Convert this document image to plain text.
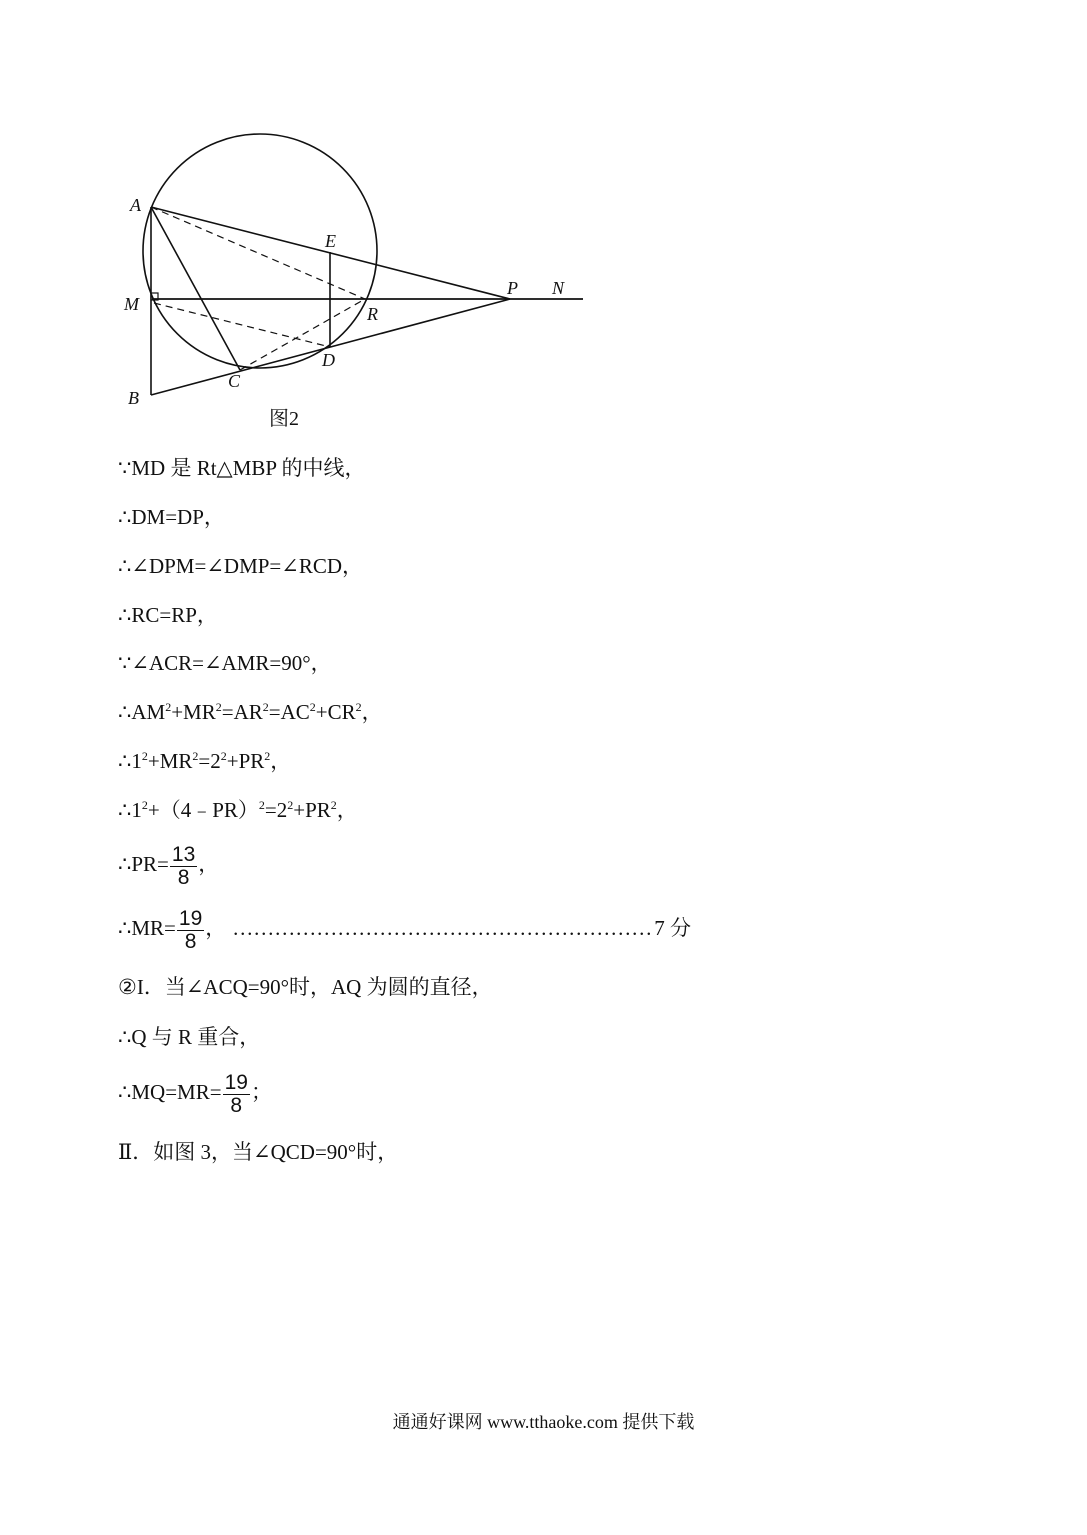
A
M
B
C
D
E
R
P N
图2
∵MD 是 Rt△MBP 的中线，
∴DM=DP，
∴∠DPM=∠DMP=∠RCD，
∴RC=RP，
∵∠ACR=∠AMR=90°，
$\therefore AM^2+MR^2=AR^2=AC^2+CR^2$，
$\therefore 1^2+MR^2=2^2+PR^2$，
$\therefore 1^2+(4﹣PR)^2=2^2+PR^2$，
∴PR= $\frac{13}{8}$ ，
∴MR= $\frac{19}{8}$ ， ……………………………………………………7 分
②I．当∠ACQ=90°时，AQ 为圆的直径，
∴Q 与 R 重合，
∴MQ=MR= $\frac{19}{8}$ ；
Ⅱ．如图 3，当∠QCD=90°时，
通通好课网 www.tthaoke.com 提供下载
